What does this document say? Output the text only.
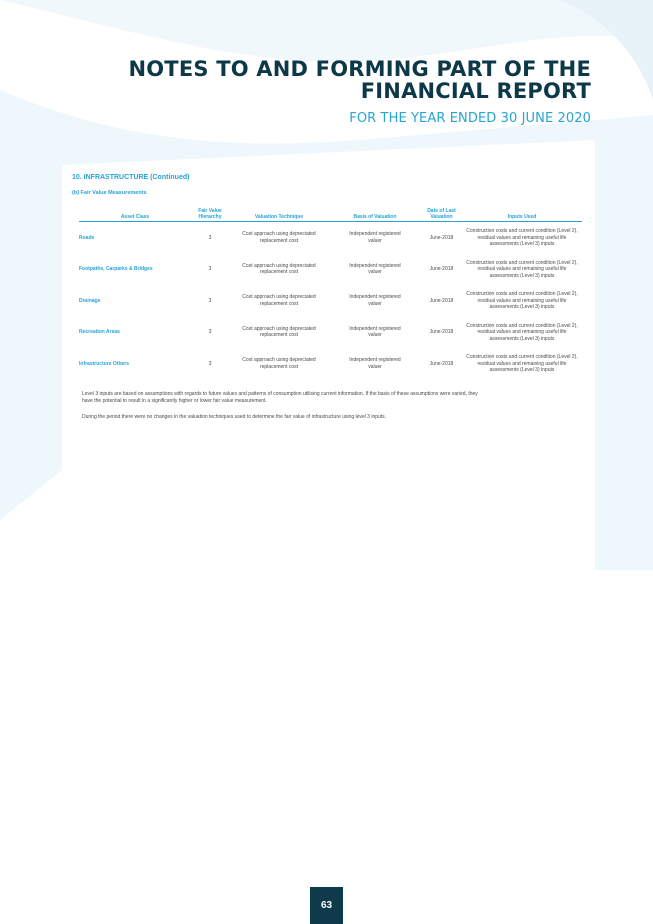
NOTES TO AND FORMING PART OF THE
FINANCIAL REPORT

FOR THE YEAR ENDED 30 JUNE 2020

10. INFRASTRUCTURE (Continued)

(b) Fair Value Measurements

Asset Class	Fair Value
Hierarchy	Valuation Technique	Basis of Valuation	Date of Last
Valuation	Inputs Used
Roads	3	Cost approach using depreciated
replacement cost	Independent registered
valuer	June-2018	Construction costs and current condition (Level 2),
residual values and remaining useful life
assessments (Level 3) inputs
Footpaths, Carparks & Bridges	3	Cost approach using depreciated
replacement cost	Independent registered
valuer	June-2018	Construction costs and current condition (Level 2),
residual values and remaining useful life
assessments (Level 3) inputs
Drainage	3	Cost approach using depreciated
replacement cost	Independent registered
valuer	June-2018	Construction costs and current condition (Level 2),
residual values and remaining useful life
assessments (Level 3) inputs
Recreation Areas	3	Cost approach using depreciated
replacement cost	Independent registered
valuer	June-2018	Construction costs and current condition (Level 2),
residual values and remaining useful life
assessments (Level 3) inputs
Infrastructure Others	3	Cost approach using depreciated
replacement cost	Independent registered
valuer	June-2018	Construction costs and current condition (Level 2),
residual values and remaining useful life
assessments (Level 3) inputs

Level 3 inputs are based on assumptions with regards to future values and patterns of consumption utilising current information. If the basis of these assumptions were varied, they
have the potential to result in a significantly higher or lower fair value measurement.

During the period there were no changes in the valuation techniques used to determine the fair value of infrastructure using level 3 inputs.

63
